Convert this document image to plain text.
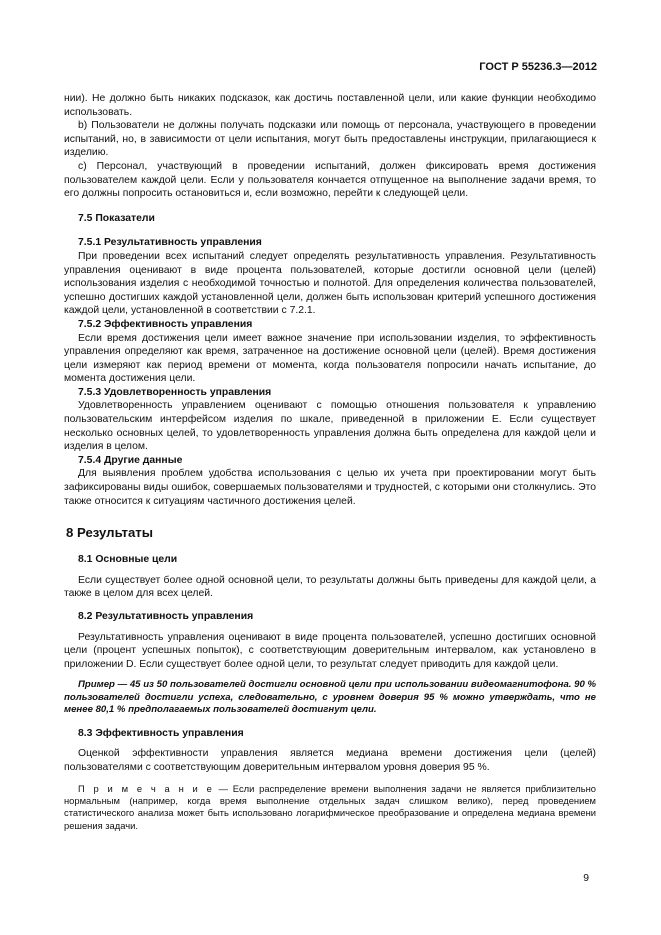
ГОСТ Р 55236.3—2012

нии). Не должно быть никаких подсказок, как достичь поставленной цели, или какие функции необходимо использовать.

b) Пользователи не должны получать подсказки или помощь от персонала, участвующего в проведении испытаний, но, в зависимости от цели испытания, могут быть предоставлены инструкции, прилагающиеся к изделию.

c) Персонал, участвующий в проведении испытаний, должен фиксировать время достижения пользователем каждой цели. Если у пользователя кончается отпущенное на выполнение задачи время, то его должны попросить остановиться и, если возможно, перейти к следующей цели.

7.5 Показатели
7.5.1 Результативность управления

При проведении всех испытаний следует определять результативность управления. Результативность управления оценивают в виде процента пользователей, которые достигли основной цели (целей) использования изделия с необходимой точностью и полнотой. Для определения количества пользователей, успешно достигших каждой установленной цели, должен быть использован критерий успешного достижения каждой цели, установленной в соответствии с 7.2.1.

7.5.2 Эффективность управления

Если время достижения цели имеет важное значение при использовании изделия, то эффективность управления определяют как время, затраченное на достижение основной цели (целей). Время достижения цели измеряют как период времени от момента, когда пользователя попросили начать испытание, до момента достижения цели.

7.5.3 Удовлетворенность управления

Удовлетворенность управлением оценивают с помощью отношения пользователя к управлению пользовательским интерфейсом изделия по шкале, приведенной в приложении E. Если существует несколько основных целей, то удовлетворенность управления должна быть определена для каждой цели и изделия в целом.

7.5.4 Другие данные

Для выявления проблем удобства использования с целью их учета при проектировании могут быть зафиксированы виды ошибок, совершаемых пользователями и трудностей, с которыми они столкнулись. Это также относится к ситуациям частичного достижения целей.

8 Результаты
8.1 Основные цели

Если существует более одной основной цели, то результаты должны быть приведены для каждой цели, а также в целом для всех целей.

8.2 Результативность управления

Результативность управления оценивают в виде процента пользователей, успешно достигших основной цели (процент успешных попыток), с соответствующим доверительным интервалом, как установлено в приложении D. Если существует более одной цели, то результат следует приводить для каждой цели.

Пример — 45 из 50 пользователей достигли основной цели при использовании видеомагнитофона. 90 % пользователей достигли успеха, следовательно, с уровнем доверия 95 % можно утверждать, что не менее 80,1 % предполагаемых пользователей достигнут цели.

8.3 Эффективность управления

Оценкой эффективности управления является медиана времени достижения цели (целей) пользователями с соответствующим доверительным интервалом уровня доверия 95 %.

П р и м е ч а н и е — Если распределение времени выполнения задачи не является приблизительно нормальным (например, когда время выполнение отдельных задач слишком велико), перед проведением статистического анализа может быть использовано логарифмическое преобразование и определена медиана времени решения задачи.

9
